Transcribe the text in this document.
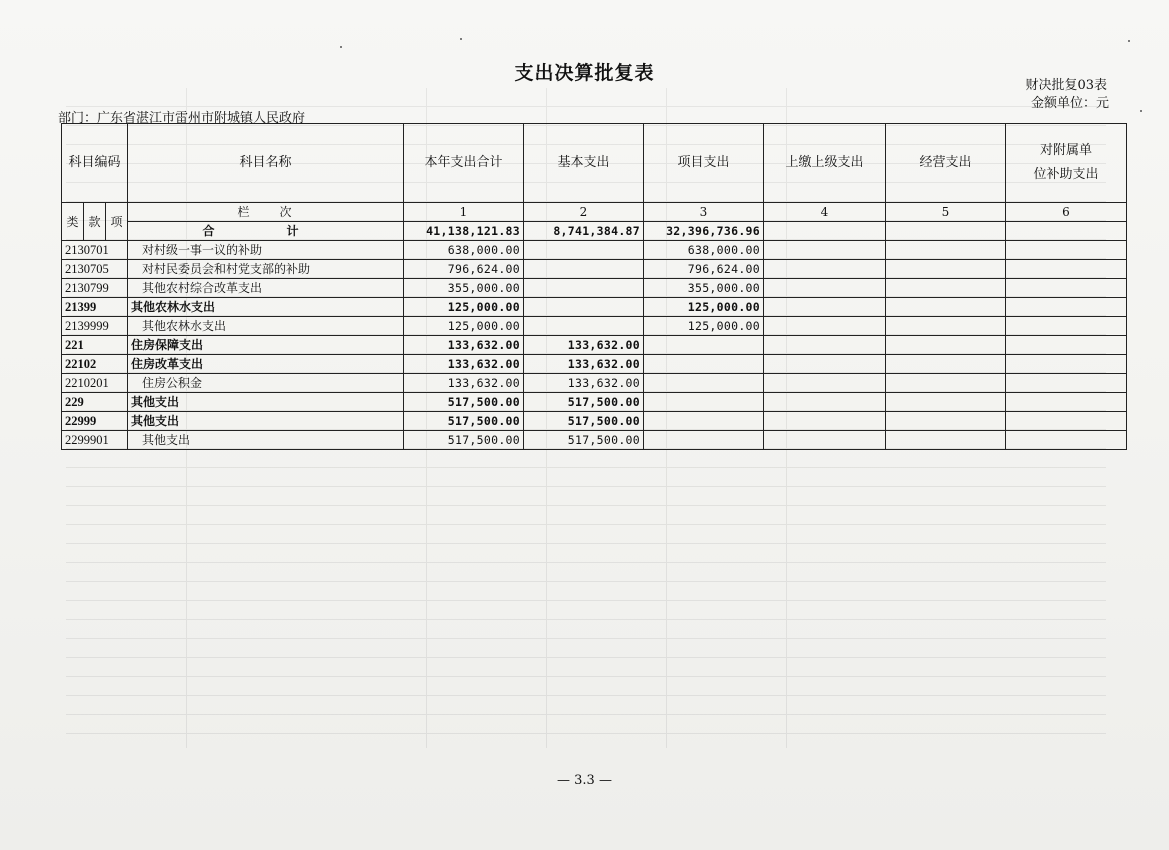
支出决算批复表
财决批复03表
金额单位：元
部门：广东省湛江市雷州市附城镇人民政府
科目编码			科目名称	本年支出合计	基本支出	项目支出	上缴上级支出	经营支出	对附属单
位补助支出

类	款	项	栏　　次	1	2	3	4	5	6
			合　计	41,138,121.83	8,741,384.87	32,396,736.96			
2130701			对村级一事一议的补助	638,000.00		638,000.00			
2130705			对村民委员会和村党支部的补助	796,624.00		796,624.00			
2130799			其他农村综合改革支出	355,000.00		355,000.00			
21399			其他农林水支出	125,000.00		125,000.00			
2139999			其他农林水支出	125,000.00		125,000.00			
221			住房保障支出	133,632.00	133,632.00				
22102			住房改革支出	133,632.00	133,632.00				
2210201			住房公积金	133,632.00	133,632.00				
229			其他支出	517,500.00	517,500.00				
22999			其他支出	517,500.00	517,500.00				
2299901			其他支出	517,500.00	517,500.00				
— 3.3 —
